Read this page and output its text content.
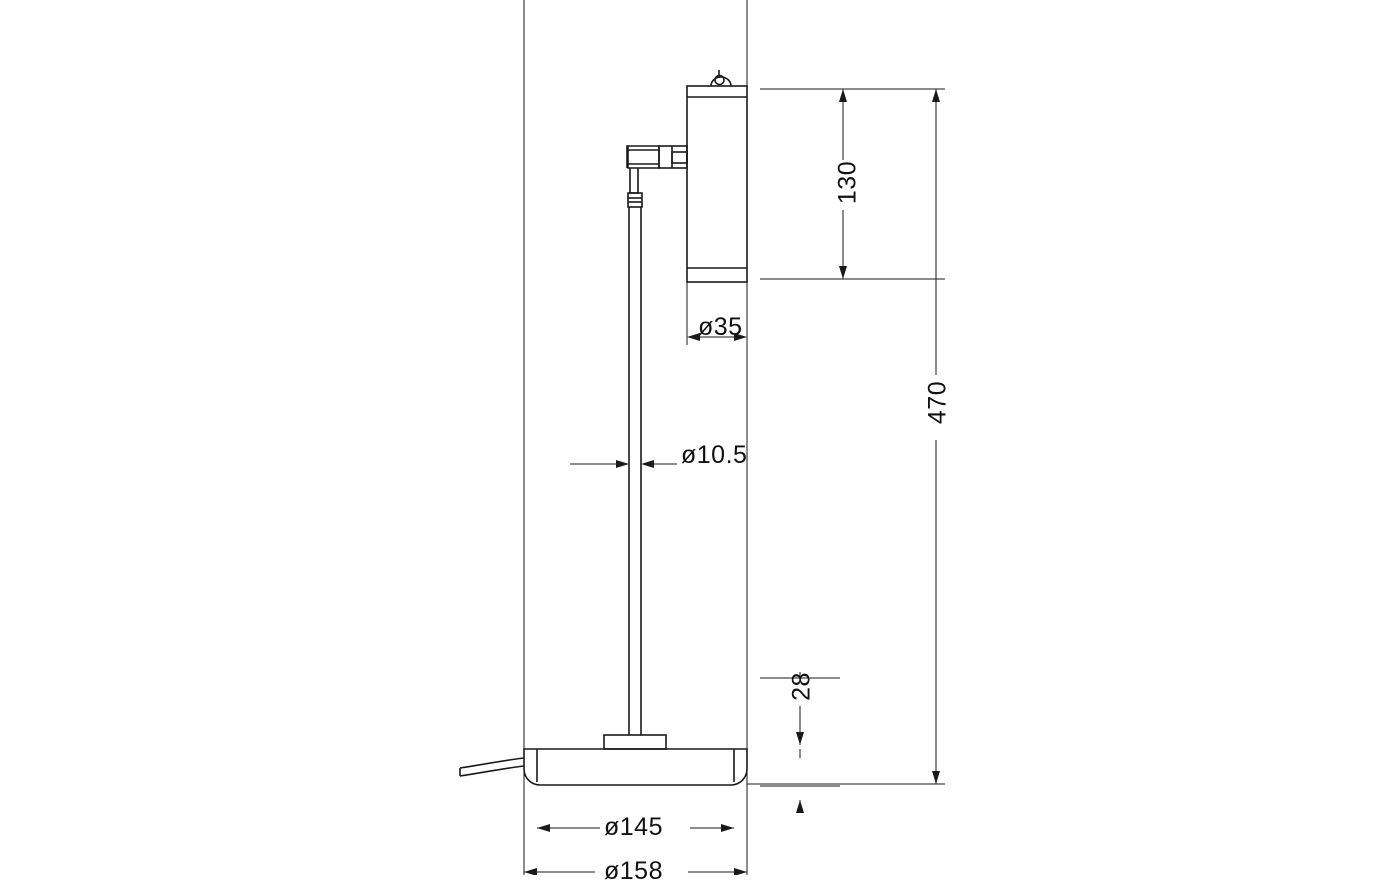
130
470
28
ø35
ø10.5
ø145
ø158
